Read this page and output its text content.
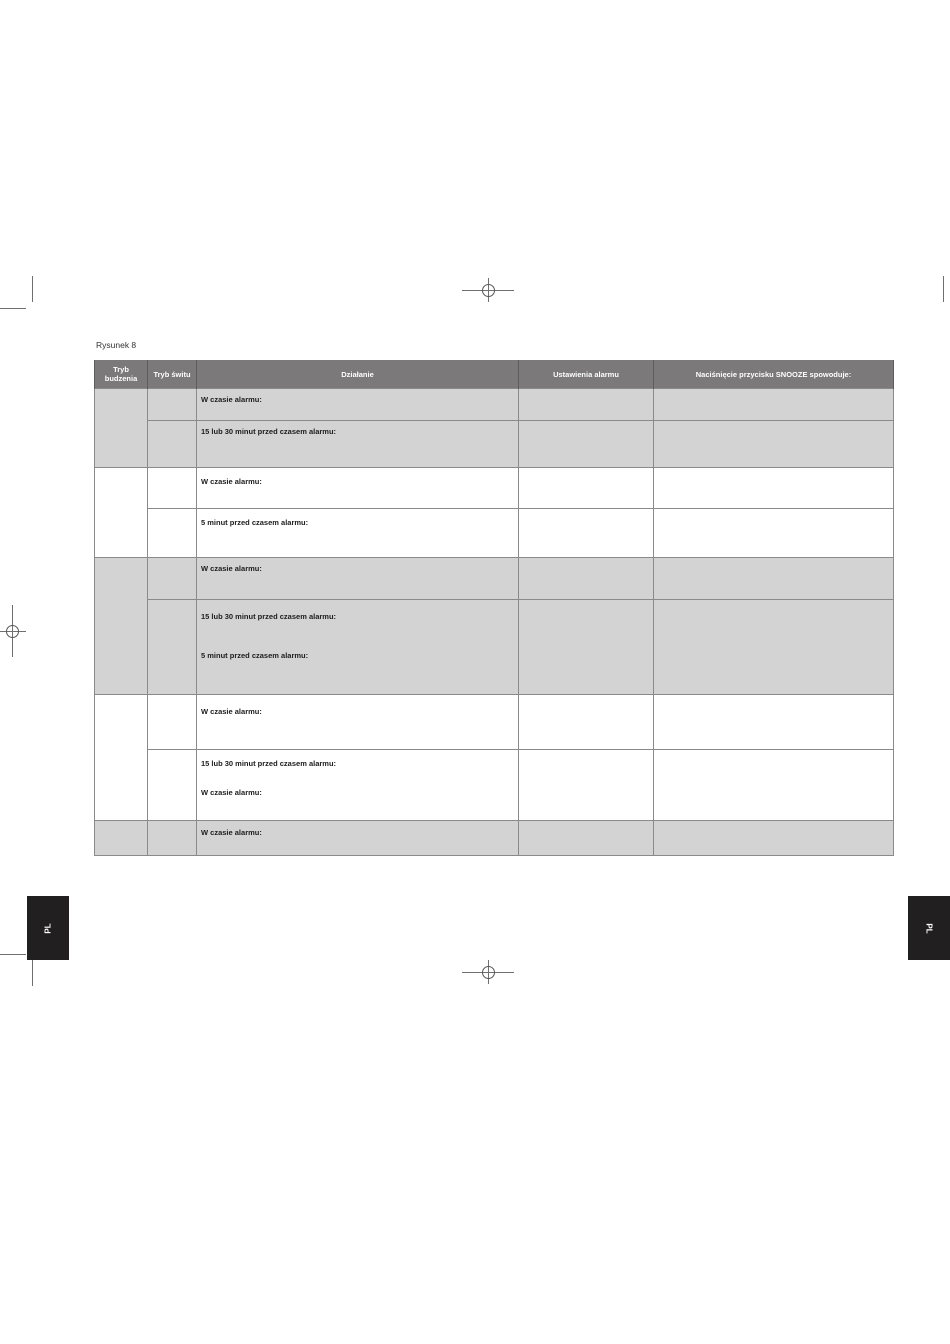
Rysunek 8
Tryb budzenia	Tryb świtu	Działanie	Ustawienia alarmu	Naciśnięcie przycisku SNOOZE spowoduje:

		W czasie alarmu:		

		15 lub 30 minut przed czasem alarmu:		

		W czasie alarmu:		

		5 minut przed czasem alarmu:		

		W czasie alarmu:		

		15 lub 30 minut przed czasem alarmu:
5 minut przed czasem alarmu:		

		W czasie alarmu:		

		15 lub 30 minut przed czasem alarmu:
W czasie alarmu:		

		W czasie alarmu:		

PL	PL
